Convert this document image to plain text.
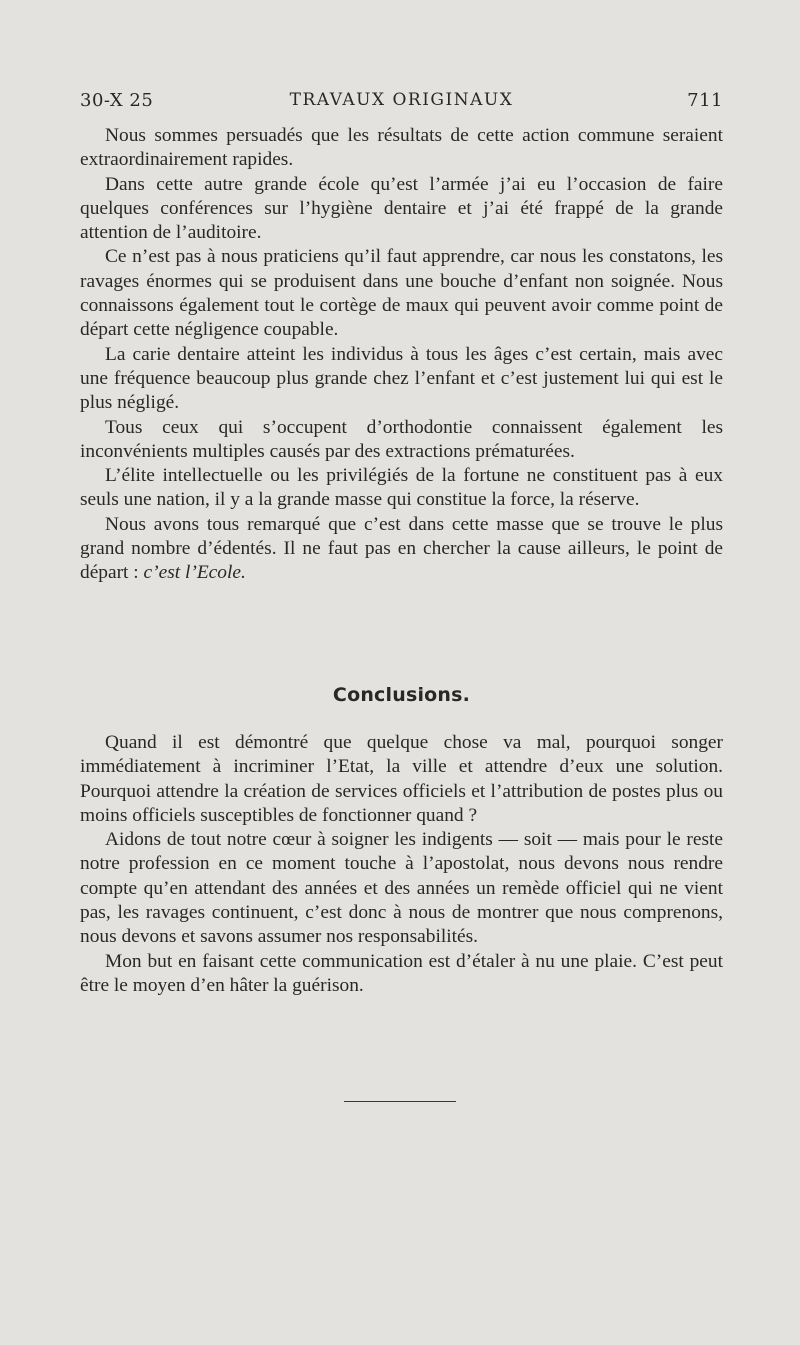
30-X 25	TRAVAUX ORIGINAUX	711

Nous sommes persuadés que les résultats de cette action commune seraient extraordinairement rapides.

Dans cette autre grande école qu’est l’armée j’ai eu l’occasion de faire quelques conférences sur l’hygiène dentaire et j’ai été frappé de la grande attention de l’auditoire.

Ce n’est pas à nous praticiens qu’il faut apprendre, car nous les constatons, les ravages énormes qui se produisent dans une bouche d’enfant non soignée. Nous connaissons également tout le cortège de maux qui peuvent avoir comme point de départ cette négligence coupable.

La carie dentaire atteint les individus à tous les âges c’est certain, mais avec une fréquence beaucoup plus grande chez l’enfant et c’est justement lui qui est le plus négligé.

Tous ceux qui s’occupent d’orthodontie connaissent également les inconvénients multiples causés par des extractions prématurées.

L’élite intellectuelle ou les privilégiés de la fortune ne constituent pas à eux seuls une nation, il y a la grande masse qui constitue la force, la réserve.

Nous avons tous remarqué que c’est dans cette masse que se trouve le plus grand nombre d’édentés. Il ne faut pas en chercher la cause ailleurs, le point de départ : c’est l’Ecole.

Conclusions.

Quand il est démontré que quelque chose va mal, pourquoi songer immédiatement à incriminer l’Etat, la ville et attendre d’eux une solution. Pourquoi attendre la création de services officiels et l’attribution de postes plus ou moins officiels susceptibles de fonctionner quand ?

Aidons de tout notre cœur à soigner les indigents — soit — mais pour le reste notre profession en ce moment touche à l’apostolat, nous devons nous rendre compte qu’en attendant des années et des années un remède officiel qui ne vient pas, les ravages continuent, c’est donc à nous de montrer que nous comprenons, nous devons et savons assumer nos responsabilités.

Mon but en faisant cette communication est d’étaler à nu une plaie. C’est peut être le moyen d’en hâter la guérison.
